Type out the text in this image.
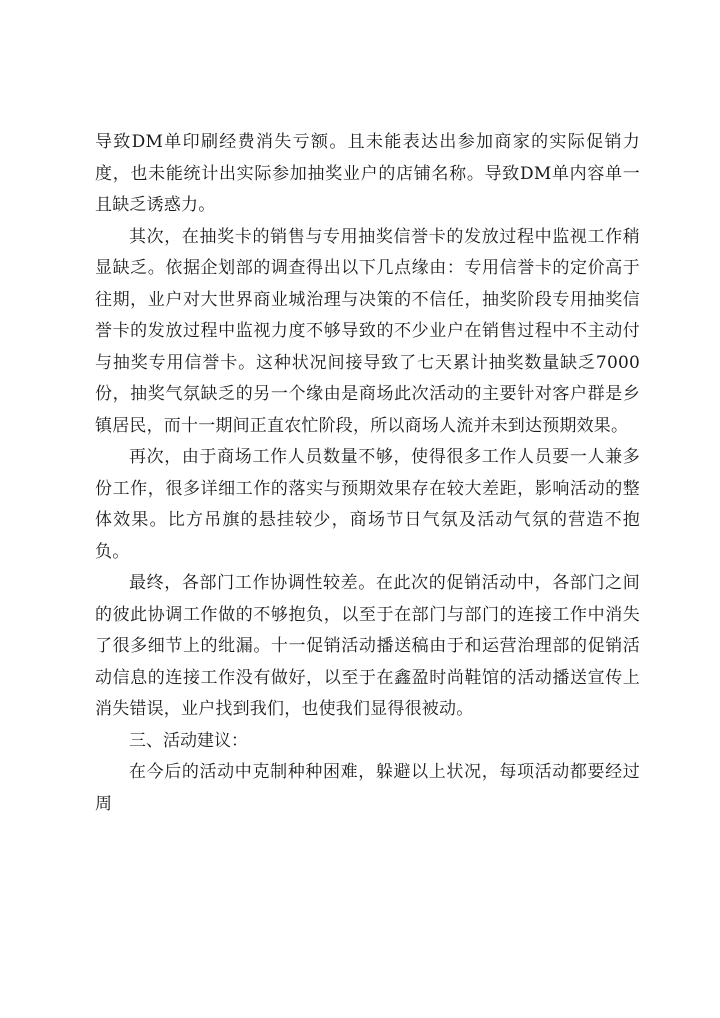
导致DM单印刷经费消失亏额。且未能表达出参加商家的实际促销力度，也未能统计出实际参加抽奖业户的店铺名称。导致DM单内容单一且缺乏诱惑力。

其次，在抽奖卡的销售与专用抽奖信誉卡的发放过程中监视工作稍显缺乏。依据企划部的调查得出以下几点缘由：专用信誉卡的定价高于往期，业户对大世界商业城治理与决策的不信任，抽奖阶段专用抽奖信誉卡的发放过程中监视力度不够导致的不少业户在销售过程中不主动付与抽奖专用信誉卡。这种状况间接导致了七天累计抽奖数量缺乏7000份，抽奖气氛缺乏的另一个缘由是商场此次活动的主要针对客户群是乡镇居民，而十一期间正直农忙阶段，所以商场人流并未到达预期效果。

再次，由于商场工作人员数量不够，使得很多工作人员要一人兼多份工作，很多详细工作的落实与预期效果存在较大差距，影响活动的整体效果。比方吊旗的悬挂较少，商场节日气氛及活动气氛的营造不抱负。

最终，各部门工作协调性较差。在此次的促销活动中，各部门之间的彼此协调工作做的不够抱负，以至于在部门与部门的连接工作中消失了很多细节上的纰漏。十一促销活动播送稿由于和运营治理部的促销活动信息的连接工作没有做好，以至于在鑫盈时尚鞋馆的活动播送宣传上消失错误，业户找到我们，也使我们显得很被动。

三、活动建议：

在今后的活动中克制种种困难，躲避以上状况，每项活动都要经过周
